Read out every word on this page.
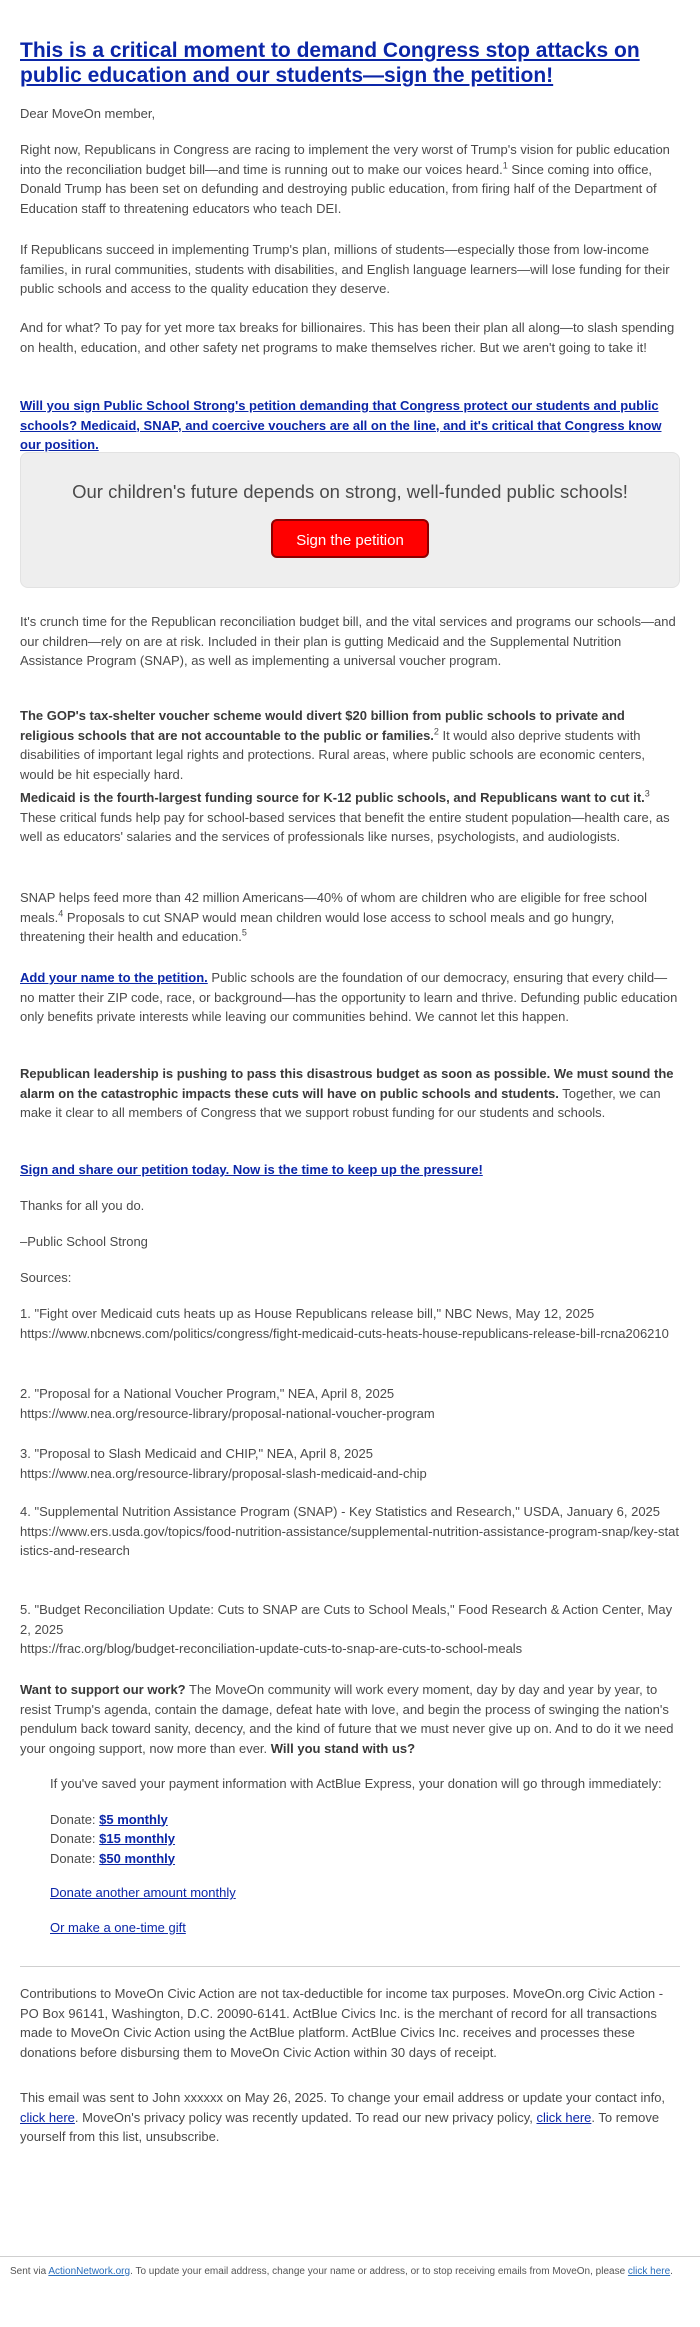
This is a critical moment to demand Congress stop attacks on public education and our students—sign the petition!

Dear MoveOn member,

Right now, Republicans in Congress are racing to implement the very worst of Trump's vision for public education into the reconciliation budget bill—and time is running out to make our voices heard.$^1$ Since coming into office, Donald Trump has been set on defunding and destroying public education, from firing half of the Department of Education staff to threatening educators who teach DEI.

If Republicans succeed in implementing Trump's plan, millions of students—especially those from low-income families, in rural communities, students with disabilities, and English language learners—will lose funding for their public schools and access to the quality education they deserve.

And for what? To pay for yet more tax breaks for billionaires. This has been their plan all along—to slash spending on health, education, and other safety net programs to make themselves richer. But we aren't going to take it!

Will you sign Public School Strong's petition demanding that Congress protect our students and public schools? Medicaid, SNAP, and coercive vouchers are all on the line, and it's critical that Congress know our position.

Our children's future depends on strong, well-funded public schools!
Sign the petition

It's crunch time for the Republican reconciliation budget bill, and the vital services and programs our schools—and our children—rely on are at risk. Included in their plan is gutting Medicaid and the Supplemental Nutrition Assistance Program (SNAP), as well as implementing a universal voucher program.

The GOP's tax-shelter voucher scheme would divert $20 billion from public schools to private and religious schools that are not accountable to the public or families.$^2$ It would also deprive students with disabilities of important legal rights and protections. Rural areas, where public schools are economic centers, would be hit especially hard.

Medicaid is the fourth-largest funding source for K-12 public schools, and Republicans want to cut it.$^3$ These critical funds help pay for school-based services that benefit the entire student population—health care, as well as educators' salaries and the services of professionals like nurses, psychologists, and audiologists.

SNAP helps feed more than 42 million Americans—40% of whom are children who are eligible for free school meals.$^4$ Proposals to cut SNAP would mean children would lose access to school meals and go hungry, threatening their health and education.$^5$

Add your name to the petition. Public schools are the foundation of our democracy, ensuring that every child—no matter their ZIP code, race, or background—has the opportunity to learn and thrive. Defunding public education only benefits private interests while leaving our communities behind. We cannot let this happen.

Republican leadership is pushing to pass this disastrous budget as soon as possible. We must sound the alarm on the catastrophic impacts these cuts will have on public schools and students. Together, we can make it clear to all members of Congress that we support robust funding for our students and schools.

Sign and share our petition today. Now is the time to keep up the pressure!

Thanks for all you do.

–Public School Strong

Sources:

1. "Fight over Medicaid cuts heats up as House Republicans release bill," NBC News, May 12, 2025

https://www.nbcnews.com/politics/congress/fight-medicaid-cuts-heats-house-republicans-release-bill-rcna206210

2. "Proposal for a National Voucher Program," NEA, April 8, 2025

https://www.nea.org/resource-library/proposal-national-voucher-program

3. "Proposal to Slash Medicaid and CHIP," NEA, April 8, 2025

https://www.nea.org/resource-library/proposal-slash-medicaid-and-chip

4. "Supplemental Nutrition Assistance Program (SNAP) - Key Statistics and Research," USDA, January 6, 2025

https://www.ers.usda.gov/topics/food-nutrition-assistance/supplemental-nutrition-assistance-program-snap/key-statistics-and-research

5. "Budget Reconciliation Update: Cuts to SNAP are Cuts to School Meals," Food Research & Action Center, May 2, 2025

https://frac.org/blog/budget-reconciliation-update-cuts-to-snap-are-cuts-to-school-meals

Want to support our work? The MoveOn community will work every moment, day by day and year by year, to resist Trump's agenda, contain the damage, defeat hate with love, and begin the process of swinging the nation's pendulum back toward sanity, decency, and the kind of future that we must never give up on. And to do it we need your ongoing support, now more than ever. Will you stand with us?

If you've saved your payment information with ActBlue Express, your donation will go through immediately:

Donate: $5 monthly
Donate: $15 monthly
Donate: $50 monthly

Donate another amount monthly

Or make a one-time gift

Contributions to MoveOn Civic Action are not tax-deductible for income tax purposes. MoveOn.org Civic Action - PO Box 96141, Washington, D.C. 20090-6141. ActBlue Civics Inc. is the merchant of record for all transactions made to MoveOn Civic Action using the ActBlue platform. ActBlue Civics Inc. receives and processes these donations before disbursing them to MoveOn Civic Action within 30 days of receipt.

This email was sent to John xxxxxx on May 26, 2025. To change your email address or update your contact info, click here. MoveOn's privacy policy was recently updated. To read our new privacy policy, click here. To remove yourself from this list, unsubscribe.

Sent via ActionNetwork.org. To update your email address, change your name or address, or to stop receiving emails from MoveOn, please click here.
